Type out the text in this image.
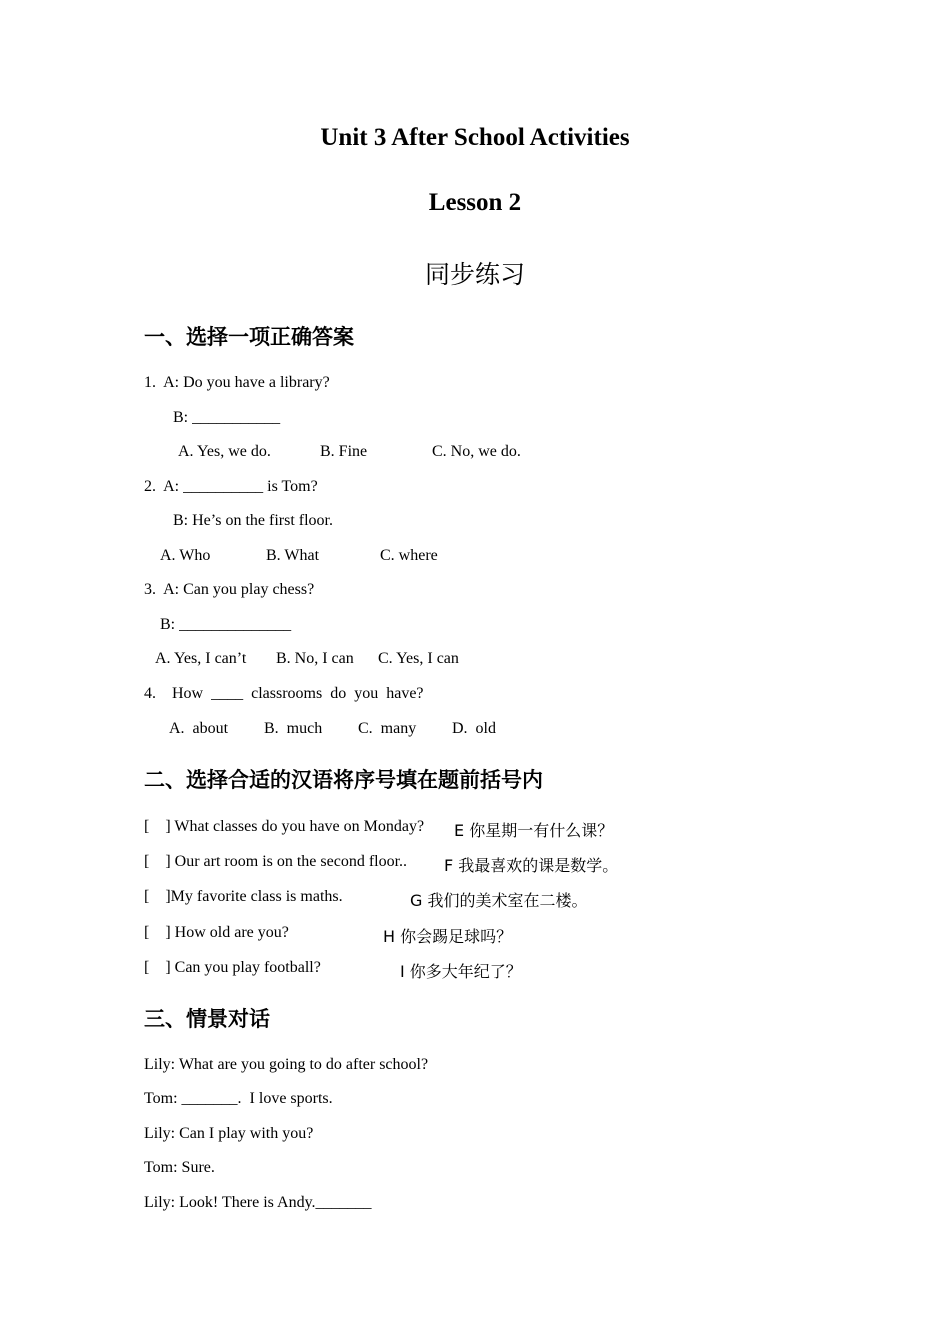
Unit 3 After School Activities
Lesson 2
同步练习
一、选择一项正确答案
1.  A: Do you have a library?
B: ___________
A. Yes, we do.	B. Fine	C. No, we do.
2.  A: __________ is Tom?
B: He’s on the first floor.
A. Who	B. What	C. where
3.  A: Can you play chess?
B: ______________
A. Yes, I can’t B. No, I can C. Yes, I can
4.    How  ____  classrooms  do  you  have?
A.  about B.  much C.  many D.  old
二、选择合适的汉语将序号填在题前括号内
[    ] What classes do you have on Monday? E 你星期一有什么课？
[    ] Our art room is on the second floor.. F 我最喜欢的课是数学。
[    ]My favorite class is maths.	G 我们的美术室在二楼。
[    ] How old are you?	H 你会踢足球吗？
[    ] Can you play football?	I 你多大年纪了？
三、情景对话
Lily: What are you going to do after school?
Tom: _______.  I love sports.
Lily: Can I play with you?
Tom: Sure.
Lily: Look! There is Andy._______
